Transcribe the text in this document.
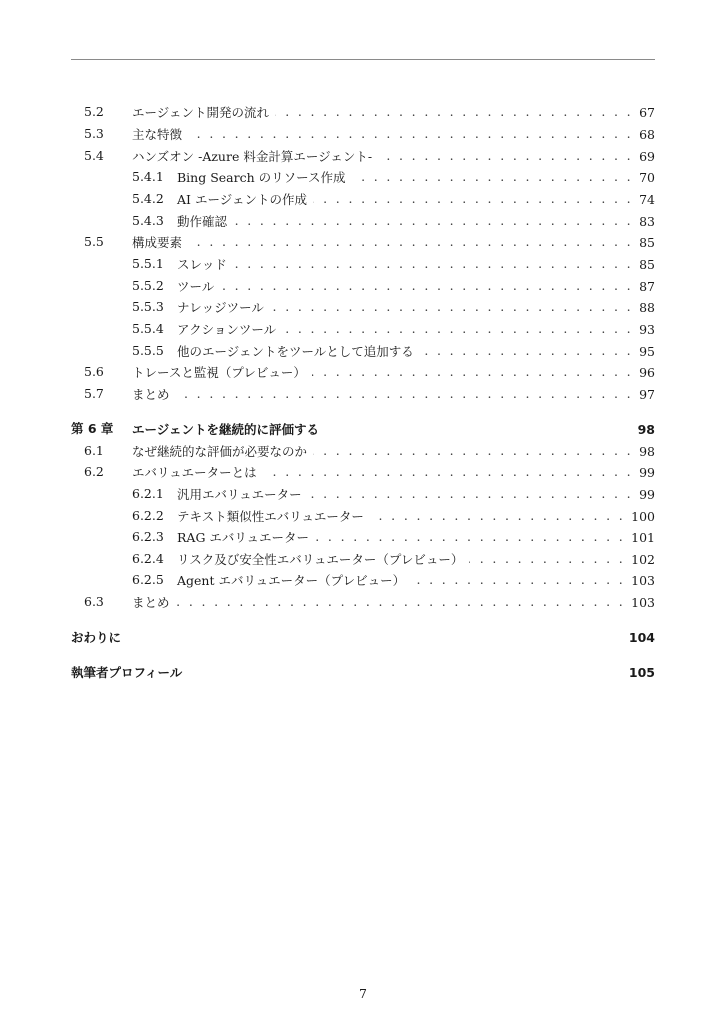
5.2 エージェント開発の流れ . . .	67
5.3 主な特徴 . . .	68
5.4 ハンズオン -Azure 料金計算エージェント- . . .	69
5.4.1 Bing Search のリソース作成 . . .	70
5.4.2 AI エージェントの作成 . . .	74
5.4.3 動作確認 . . .	83
5.5 構成要素 . . .	85
5.5.1 スレッド . . .	85
5.5.2 ツール . . .	87
5.5.3 ナレッジツール . . .	88
5.5.4 アクションツール . . .	93
5.5.5 他のエージェントをツールとして追加する . . .	95
5.6 トレースと監視（プレビュー） . . .	96
5.7 まとめ . . .	97
第 6 章 エージェントを継続的に評価する	98
6.1 なぜ継続的な評価が必要なのか . . .	98
6.2 エバリュエーターとは . . .	99
6.2.1 汎用エバリュエーター . . .	99
6.2.2 テキスト類似性エバリュエーター . . .	100
6.2.3 RAG エバリュエーター . . .	101
6.2.4 リスク及び安全性エバリュエーター（プレビュー） . . .	102
6.2.5 Agent エバリュエーター（プレビュー） . . .	103
6.3 まとめ . . .	103
おわりに	104
執筆者プロフィール	105
7
